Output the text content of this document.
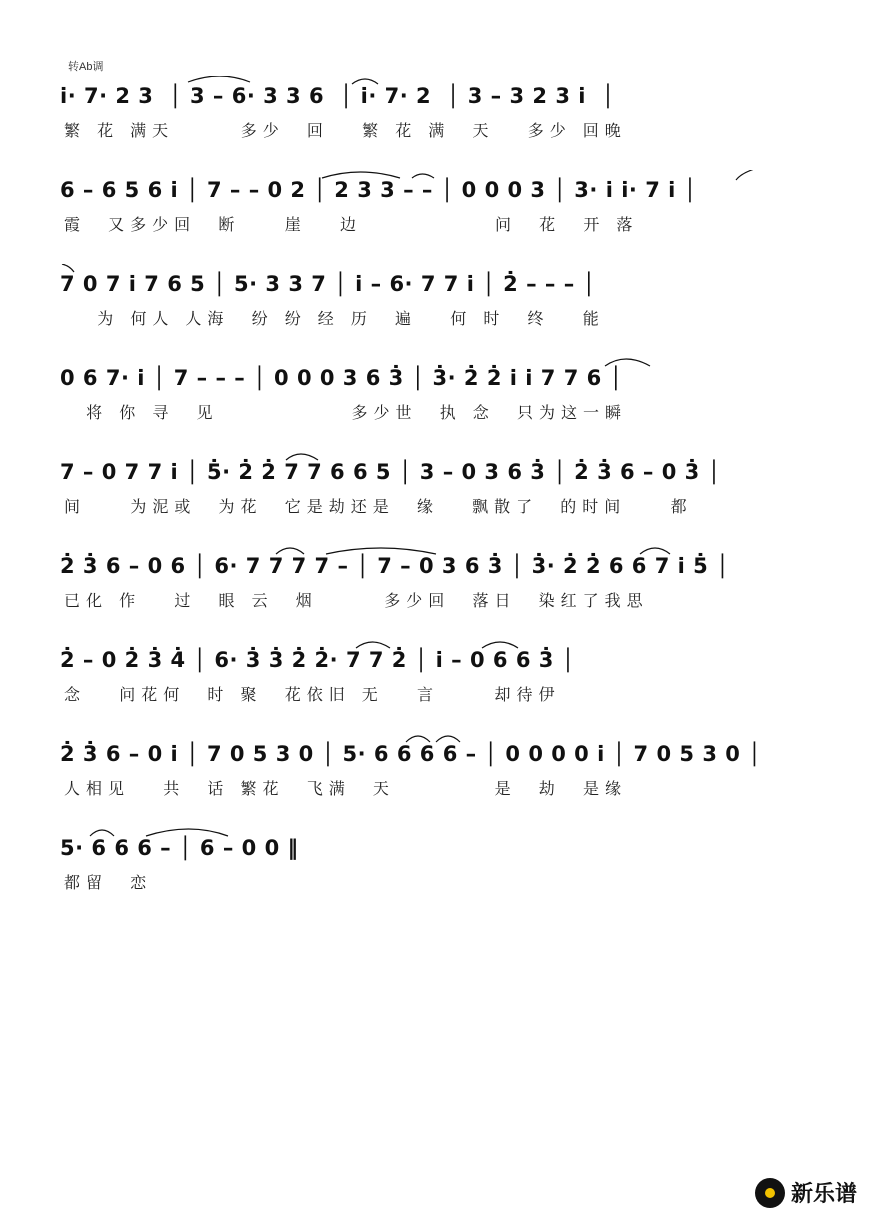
转Ab调
i̇· 7· 2 3  │ 3 – 6· 3 3 6  │ i̇· 7· 2  │ 3 – 3 2 3 i̇  │
繁 花 满天      多少  回   繁 花 满  天   多少 回晚
6 – 6 5 6 i̇ │ 7 – – 0 2 │ 2 3 3 – – │ 0 0 0 3 │ 3· i̇ i̇· 7 i̇ │
霞  又多少回  断    崖   边            问  花  开 落
7 0 7 i̇ 7 6 5 │ 5· 3 3 7 │ i̇ – 6· 7 7 i̇ │ 2̇ – – – │
为 何人 人海  纷 纷 经 历  遍   何 时  终   能
0 6 7· i̇ │ 7 – – – │ 0 0 0 3 6 3̇ │ 3̇· 2̇ 2̇ i̇ i̇ 7 7 6 │
将 你 寻  见            多少世  执 念  只为这一瞬
7 – 0 7 7 i̇ │ 5̇· 2̇ 2̇ 7 7 6 6 5 │ 3 – 0 3 6 3̇ │ 2̇ 3̇ 6 – 0 3̇ │
间    为泥或  为花  它是劫还是  缘   飘散了  的时间    都
2̇ 3̇ 6 – 0 6 │ 6· 7 7 7 7 – │ 7 – 0 3 6 3̇ │ 3̇· 2̇ 2̇ 6 6 7 i̇ 5̇ │
已化 作   过  眼 云  烟      多少回  落日  染红了我思
2̇ – 0 2̇ 3̇ 4̇ │ 6· 3̇ 3̇ 2̇ 2̇· 7 7 2̇ │ i̇ – 0 6 6 3̇ │
念   问花何  时 聚  花依旧 无   言     却待伊
2̇ 3̇ 6 – 0 i̇ │ 7 0 5 3 0 │ 5· 6 6 6 6 – │ 0 0 0 0 i̇ │ 7 0 5 3 0 │
人相见   共  话 繁花  飞满  天         是  劫  是缘
5· 6 6 6 – │ 6 – 0 0 ‖
都留  恋
新乐谱
